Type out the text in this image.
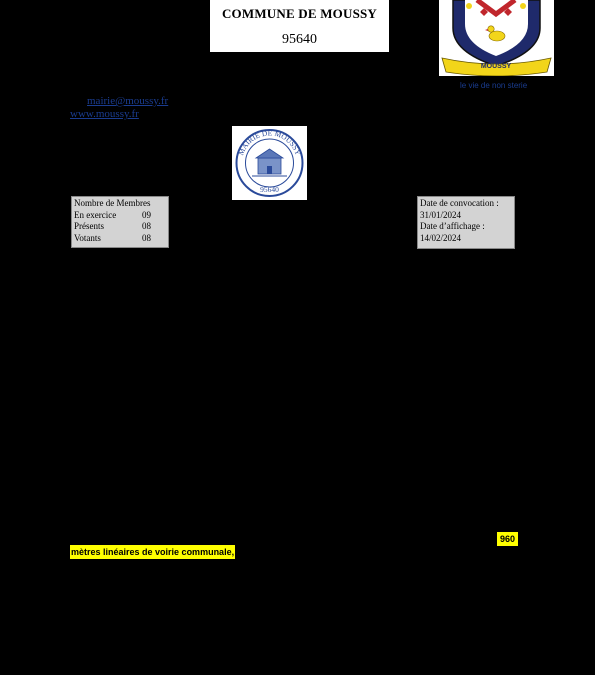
COMMUNE DE MOUSSY
95640
MOUSSY
le vie de non sterie
mairie@moussy.fr
www.moussy.fr
MAIRIE DE MOUSSY
95640
Nombre de Membres
En exercice	09
Présents	08
Votants	08
Date de convocation :
31/01/2024
Date d’affichage :
14/02/2024
960
mètres linéaires de voirie communale,
